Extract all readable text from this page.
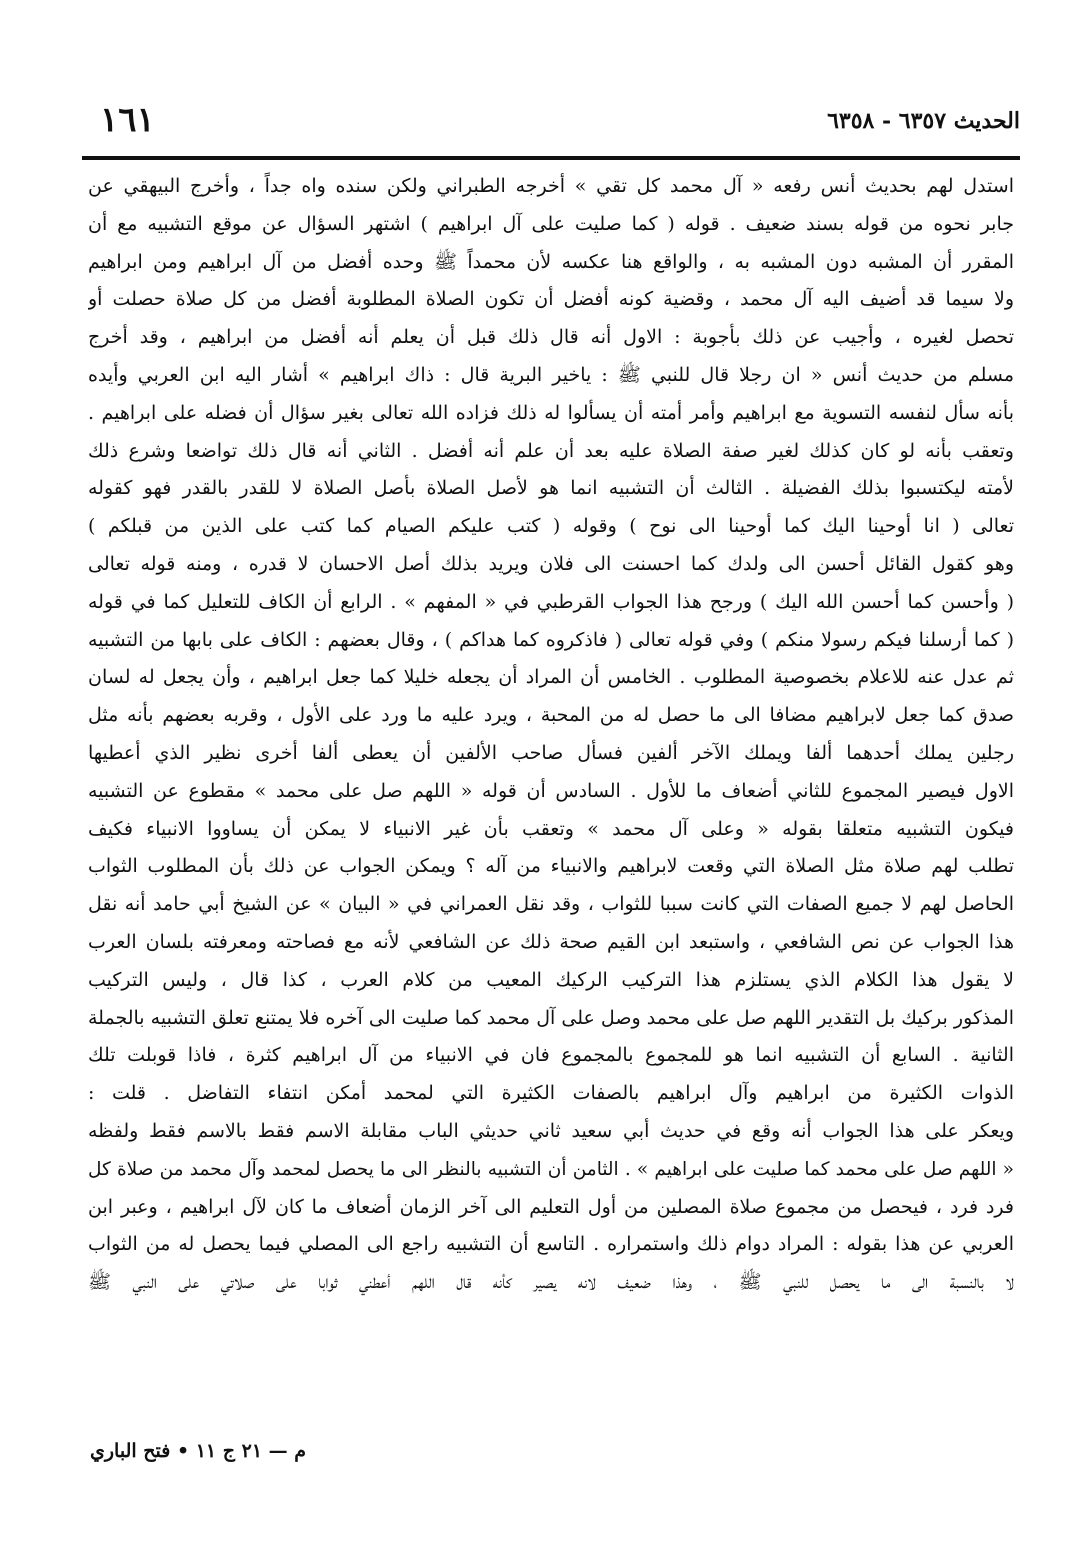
الحديث ٦٣٥٧ - ٦٣٥٨
١٦١
استدل لهم بحديث أنس رفعه « آل محمد كل تقي » أخرجه الطبراني ولكن سنده واه جداً ، وأخرج البيهقي عن
جابر نحوه من قوله بسند ضعيف . قوله ( كما صليت على آل ابراهيم ) اشتهر السؤال عن موقع التشبيه مع أن
المقرر أن المشبه دون المشبه به ، والواقع هنا عكسه لأن محمداً ﷺ وحده أفضل من آل ابراهيم ومن ابراهيم
ولا سيما قد أضيف اليه آل محمد ، وقضية كونه أفضل أن تكون الصلاة المطلوبة أفضل من كل صلاة حصلت أو
تحصل لغيره ، وأجيب عن ذلك بأجوبة : الاول أنه قال ذلك قبل أن يعلم أنه أفضل من ابراهيم ، وقد أخرج
مسلم من حديث أنس « ان رجلا قال للنبي ﷺ : ياخير البرية قال : ذاك ابراهيم » أشار اليه ابن العربي وأيده
بأنه سأل لنفسه التسوية مع ابراهيم وأمر أمته أن يسألوا له ذلك فزاده الله تعالى بغير سؤال أن فضله على ابراهيم .
وتعقب بأنه لو كان كذلك لغير صفة الصلاة عليه بعد أن علم أنه أفضل . الثاني أنه قال ذلك تواضعا وشرع ذلك
لأمته ليكتسبوا بذلك الفضيلة . الثالث أن التشبيه انما هو لأصل الصلاة بأصل الصلاة لا للقدر بالقدر فهو كقوله
تعالى ( انا أوحينا اليك كما أوحينا الى نوح ) وقوله ( كتب عليكم الصيام كما كتب على الذين من قبلكم )
وهو كقول القائل أحسن الى ولدك كما احسنت الى فلان ويريد بذلك أصل الاحسان لا قدره ، ومنه قوله تعالى
( وأحسن كما أحسن الله اليك ) ورجح هذا الجواب القرطبي في « المفهم » . الرابع أن الكاف للتعليل كما في قوله
( كما أرسلنا فيكم رسولا منكم ) وفي قوله تعالى ( فاذكروه كما هداكم ) ، وقال بعضهم : الكاف على بابها من التشبيه
ثم عدل عنه للاعلام بخصوصية المطلوب . الخامس أن المراد أن يجعله خليلا كما جعل ابراهيم ، وأن يجعل له لسان
صدق كما جعل لابراهيم مضافا الى ما حصل له من المحبة ، ويرد عليه ما ورد على الأول ، وقربه بعضهم بأنه مثل
رجلين يملك أحدهما ألفا ويملك الآخر ألفين فسأل صاحب الألفين أن يعطى ألفا أخرى نظير الذي أعطيها
الاول فيصير المجموع للثاني أضعاف ما للأول . السادس أن قوله « اللهم صل على محمد » مقطوع عن التشبيه
فيكون التشبيه متعلقا بقوله « وعلى آل محمد » وتعقب بأن غير الانبياء لا يمكن أن يساووا الانبياء فكيف
تطلب لهم صلاة مثل الصلاة التي وقعت لابراهيم والانبياء من آله ؟ ويمكن الجواب عن ذلك بأن المطلوب الثواب
الحاصل لهم لا جميع الصفات التي كانت سببا للثواب ، وقد نقل العمراني في « البيان » عن الشيخ أبي حامد أنه نقل
هذا الجواب عن نص الشافعي ، واستبعد ابن القيم صحة ذلك عن الشافعي لأنه مع فصاحته ومعرفته بلسان العرب
لا يقول هذا الكلام الذي يستلزم هذا التركيب الركيك المعيب من كلام العرب ، كذا قال ، وليس التركيب
المذكور بركيك بل التقدير اللهم صل على محمد وصل على آل محمد كما صليت الى آخره فلا يمتنع تعلق التشبيه بالجملة
الثانية . السابع أن التشبيه انما هو للمجموع بالمجموع فان في الانبياء من آل ابراهيم كثرة ، فاذا قوبلت تلك
الذوات الكثيرة من ابراهيم وآل ابراهيم بالصفات الكثيرة التي لمحمد أمكن انتفاء التفاضل . قلت :
ويعكر على هذا الجواب أنه وقع في حديث أبي سعيد ثاني حديثي الباب مقابلة الاسم فقط بالاسم فقط ولفظه
« اللهم صل على محمد كما صليت على ابراهيم » . الثامن أن التشبيه بالنظر الى ما يحصل لمحمد وآل محمد من صلاة كل
فرد فرد ، فيحصل من مجموع صلاة المصلين من أول التعليم الى آخر الزمان أضعاف ما كان لآل ابراهيم ، وعبر ابن
العربي عن هذا بقوله : المراد دوام ذلك واستمراره . التاسع أن التشبيه راجع الى المصلي فيما يحصل له من الثواب
لا بالنسبة الى ما يحصل للنبي ﷺ ، وهذا ضعيف لانه يصير كأنه قال اللهم أعطني ثوابا على صلاتي على النبي ﷺ
م — ٢١ ج ١١ • فتح الباري
